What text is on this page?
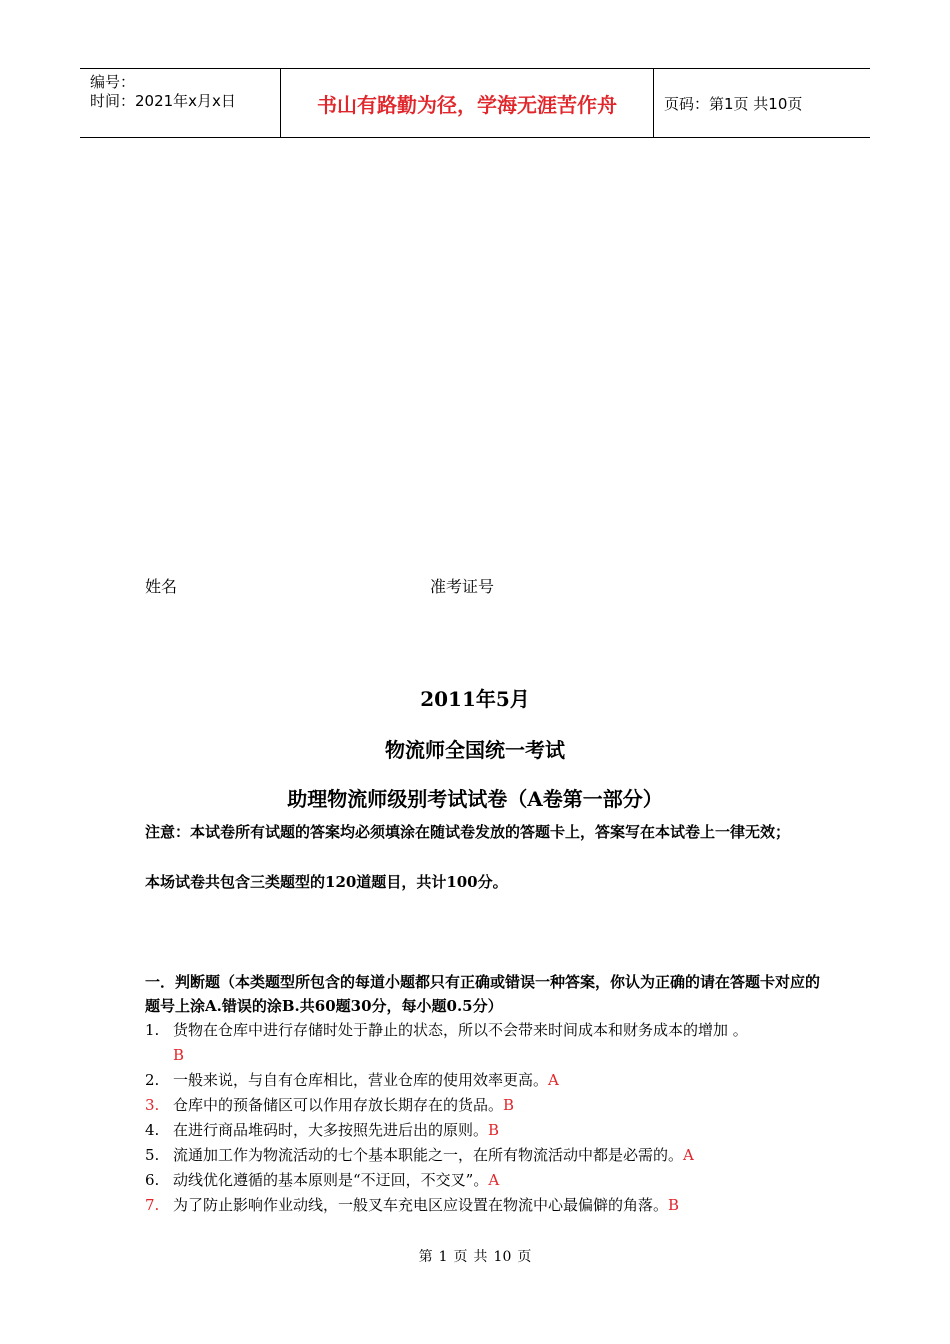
编号：
时间：2021年x月x日	书山有路勤为径，学海无涯苦作舟	页码：第1页 共10页
姓名	准考证号
2011年5月
物流师全国统一考试
助理物流师级别考试试卷（A卷第一部分）
注意：本试卷所有试题的答案均必须填涂在随试卷发放的答题卡上，答案写在本试卷上一律无效；
本场试卷共包含三类题型的120道题目，共计100分。
一．判断题（本类题型所包含的每道小题都只有正确或错误一种答案，你认为正确的请在答题卡对应的题号上涂A.错误的涂B.共60题30分，每小题0.5分）
1. 货物在仓库中进行存储时处于静止的状态，所以不会带来时间成本和财务成本的增加 。
B
2. 一般来说，与自有仓库相比，营业仓库的使用效率更高。A
3. 仓库中的预备储区可以作用存放长期存在的货品。B
4. 在进行商品堆码时，大多按照先进后出的原则。B
5. 流通加工作为物流活动的七个基本职能之一，在所有物流活动中都是必需的。A
6. 动线优化遵循的基本原则是“不迂回，不交叉”。A
7. 为了防止影响作业动线，一般叉车充电区应设置在物流中心最偏僻的角落。B
第 1 页 共 10 页
